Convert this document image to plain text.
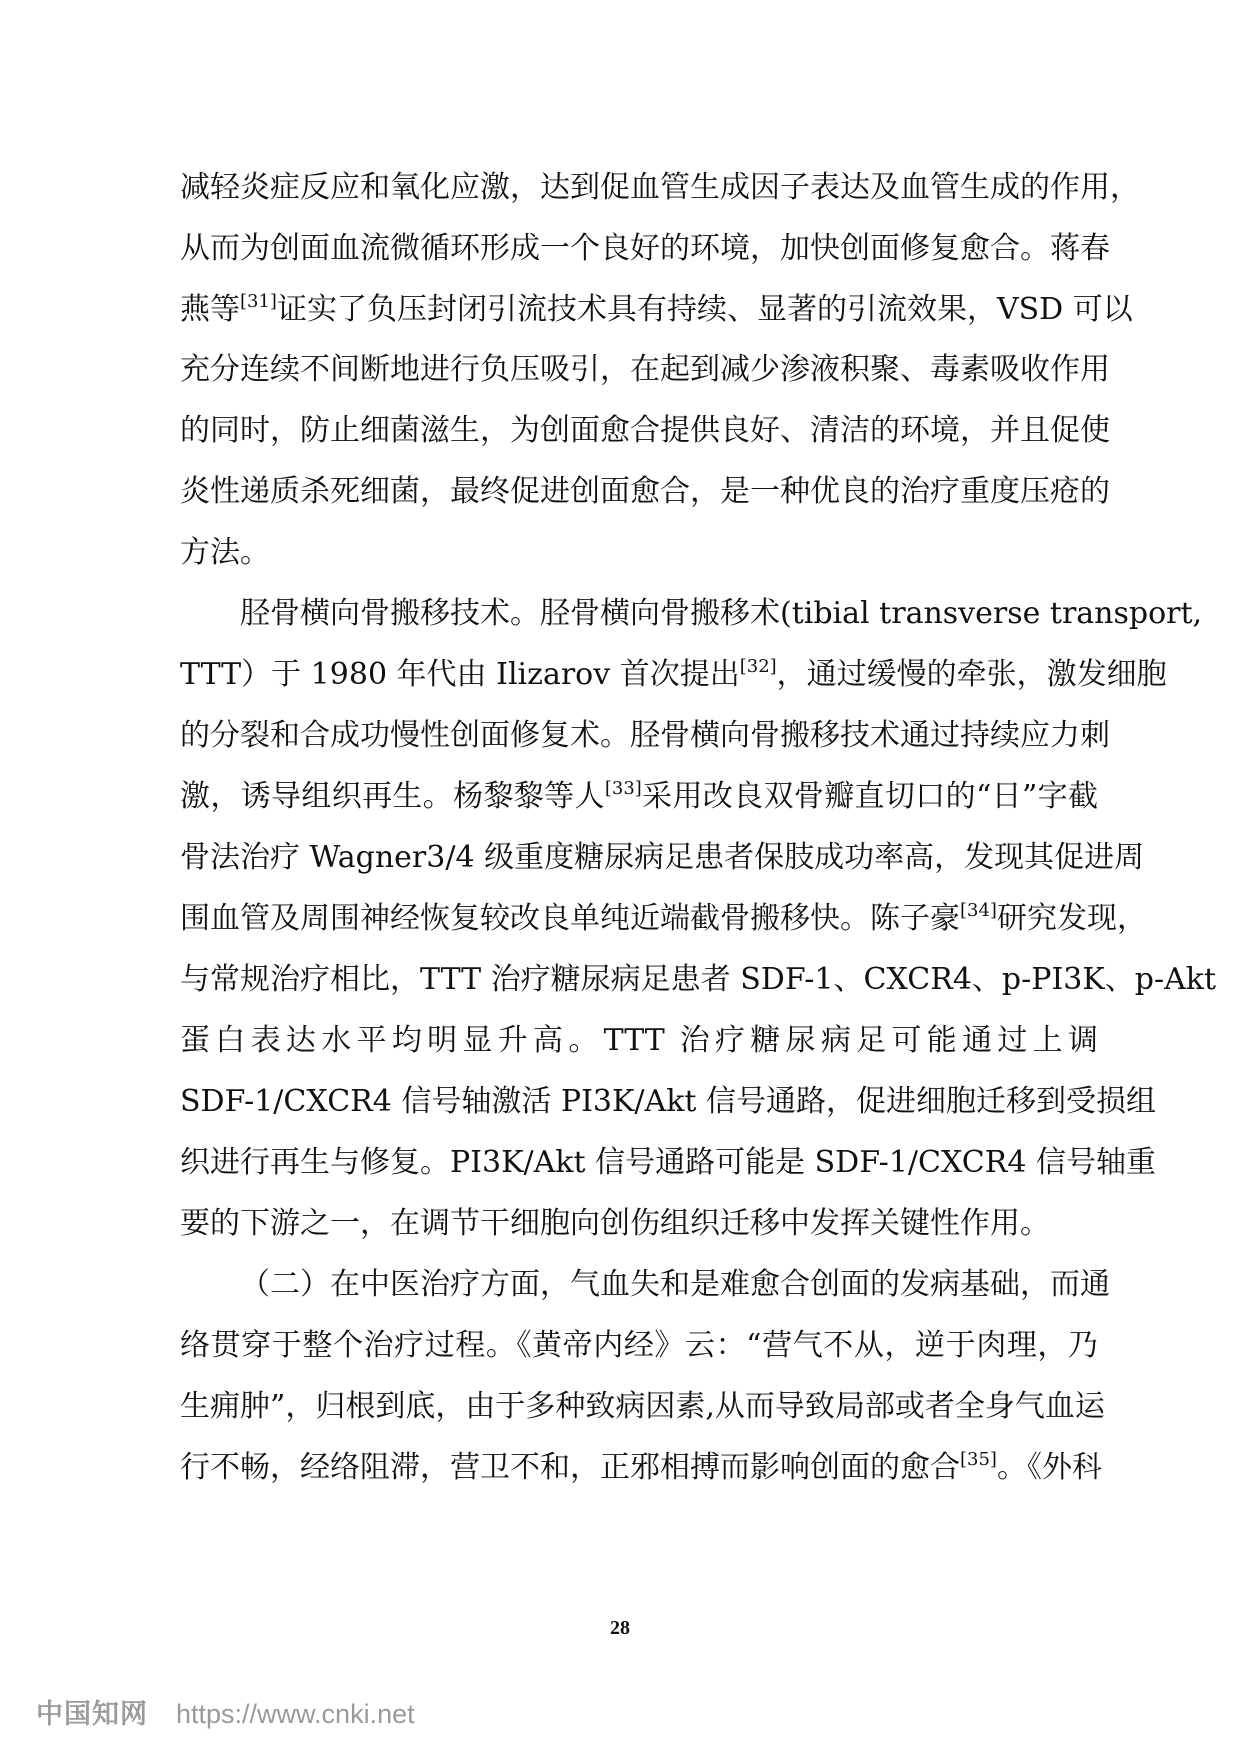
减轻炎症反应和氧化应激，达到促血管生成因子表达及血管生成的作用，
从而为创面血流微循环形成一个良好的环境，加快创面修复愈合。蒋春
燕等[31]证实了负压封闭引流技术具有持续、显著的引流效果，VSD 可以
充分连续不间断地进行负压吸引，在起到减少渗液积聚、毒素吸收作用
的同时，防止细菌滋生，为创面愈合提供良好、清洁的环境，并且促使
炎性递质杀死细菌，最终促进创面愈合，是一种优良的治疗重度压疮的
方法。
胫骨横向骨搬移技术。胫骨横向骨搬移术(tibial transverse transport,
TTT）于 1980 年代由 Ilizarov 首次提出[32]，通过缓慢的牵张，激发细胞
的分裂和合成功慢性创面修复术。胫骨横向骨搬移技术通过持续应力刺
激，诱导组织再生。杨黎黎等人[33]采用改良双骨瓣直切口的“日”字截
骨法治疗 Wagner3/4 级重度糖尿病足患者保肢成功率高，发现其促进周
围血管及周围神经恢复较改良单纯近端截骨搬移快。陈子豪[34]研究发现，
与常规治疗相比，TTT 治疗糖尿病足患者 SDF-1、CXCR4、p-PI3K、p-Akt
蛋白表达水平均明显升高。TTT 治疗糖尿病足可能通过上调
SDF-1/CXCR4 信号轴激活 PI3K/Akt 信号通路，促进细胞迁移到受损组
织进行再生与修复。PI3K/Akt 信号通路可能是 SDF-1/CXCR4 信号轴重
要的下游之一，在调节干细胞向创伤组织迁移中发挥关键性作用。
（二）在中医治疗方面，气血失和是难愈合创面的发病基础，而通
络贯穿于整个治疗过程。《黄帝内经》云：“营气不从，逆于肉理，乃
生痈肿”，归根到底，由于多种致病因素,从而导致局部或者全身气血运
行不畅，经络阻滞，营卫不和，正邪相搏而影响创面的愈合[35]。《外科
28
中国知网 https://www.cnki.net
